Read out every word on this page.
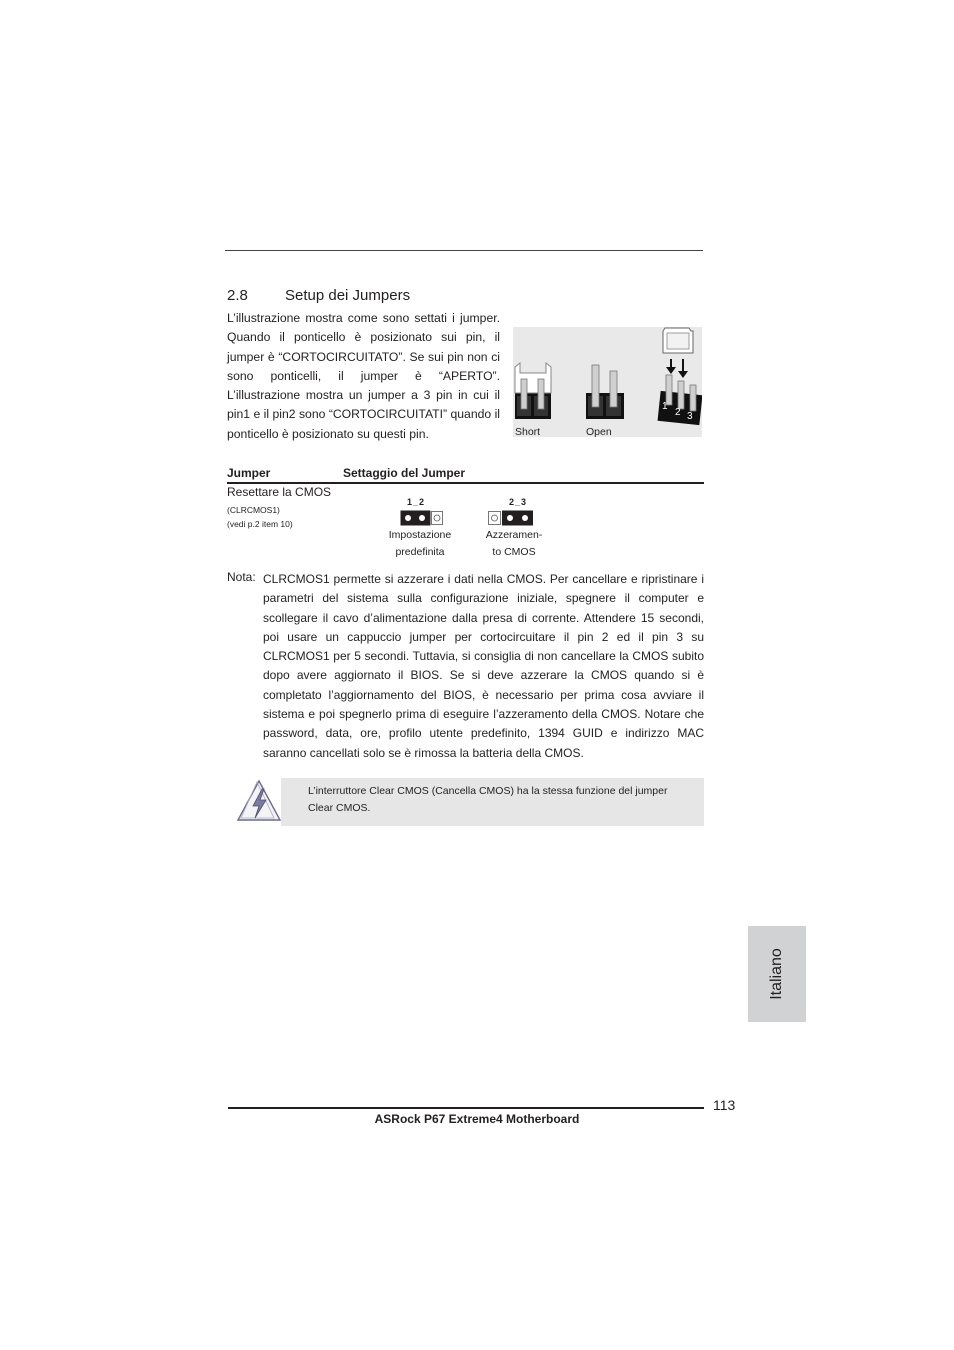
2.8 Setup dei Jumpers
L’illustrazione mostra come sono settati i jumper. Quando il ponticello è posizionato sui pin, il jumper è “CORTOCIRCUITATO”. Se sui pin non ci sono ponticelli, il jumper è “APERTO”. L’illustrazione mostra un jumper a 3 pin in cui il pin1 e il pin2 sono “CORTOCIRCUITATI” quando il ponticello è posizionato su questi pin.
1
2 3
Short	Open
Jumper	Settaggio del Jumper
Resettare la CMOS
(CLRCMOS1)
(vedi p.2 item 10)
1_2
Impostazione
predefinita
2_3
Azzeramen-
to CMOS
Nota: CLRCMOS1 permette si azzerare i dati nella CMOS. Per cancellare e ripristinare i parametri del sistema sulla configurazione iniziale, spegnere il computer e scollegare il cavo d’alimentazione dalla presa di corrente. Attendere 15 secondi, poi usare un cappuccio jumper per cortocircuitare il pin 2 ed il pin 3 su CLRCMOS1 per 5 secondi. Tuttavia, si consiglia di non cancellare la CMOS subito dopo avere aggiornato il BIOS. Se si deve azzerare la CMOS quando si è completato l’aggiornamento del BIOS, è necessario per prima cosa avviare il sistema e poi spegnerlo prima di eseguire l’azzeramento della CMOS. Notare che password, data, ore, profilo utente predefinito, 1394 GUID e indirizzo MAC saranno cancellati solo se è rimossa la batteria della CMOS.
L’interruttore Clear CMOS (Cancella CMOS) ha la stessa funzione del jumper Clear CMOS.
Italiano
113
ASRock P67 Extreme4 Motherboard
